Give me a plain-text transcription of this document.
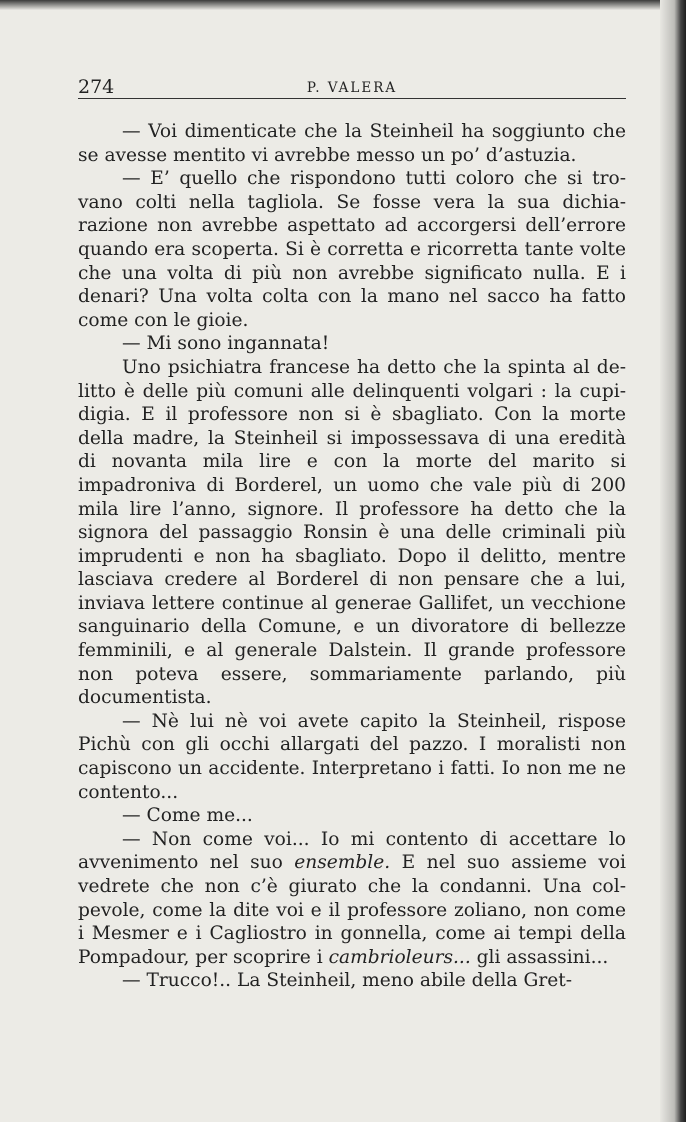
274	P. VALERA

— Voi dimenticate che la Steinheil ha soggiunto che se avesse mentito vi avrebbe messo un po’ d’astuzia.

— E’ quello che rispondono tutti coloro che si trovano colti nella tagliola. Se fosse vera la sua dichiarazione non avrebbe aspettato ad accorgersi dell’errore quando era scoperta. Si è corretta e ricorretta tante volte che una volta di più non avrebbe significato nulla. E i denari? Una volta colta con la mano nel sacco ha fatto come con le gioie.

— Mi sono ingannata!

Uno psichiatra francese ha detto che la spinta al delitto è delle più comuni alle delinquenti volgari : la cupidigia. E il professore non si è sbagliato. Con la morte della madre, la Steinheil si impossessava di una eredità di novanta mila lire e con la morte del marito si impadroniva di Borderel, un uomo che vale più di 200 mila lire l’anno, signore. Il professore ha detto che la signora del passaggio Ronsin è una delle criminali più imprudenti e non ha sbagliato. Dopo il delitto, mentre lasciava credere al Borderel di non pensare che a lui, inviava lettere continue al generae Gallifet, un vecchione sanguinario della Comune, e un divoratore di bellezze femminili, e al generale Dalstein. Il grande professore non poteva essere, sommariamente parlando, più documentista.

— Nè lui nè voi avete capito la Steinheil, rispose Pichù con gli occhi allargati del pazzo. I moralisti non capiscono un accidente. Interpretano i fatti. Io non me ne contento...

— Come me...

— Non come voi... Io mi contento di accettare lo avvenimento nel suo ensemble. E nel suo assieme voi vedrete che non c’è giurato che la condanni. Una colpevole, come la dite voi e il professore zoliano, non come i Mesmer e i Cagliostro in gonnella, come ai tempi della Pompadour, per scoprire i cambrioleurs... gli assassini...

— Trucco!.. La Steinheil, meno abile della Gret-
